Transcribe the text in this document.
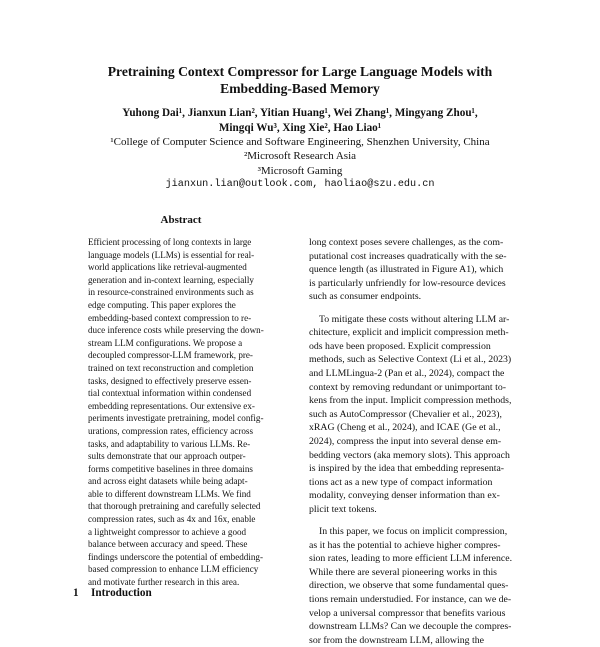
Pretraining Context Compressor for Large Language Models with
Embedding-Based Memory
Yuhong Dai¹, Jianxun Lian², Yitian Huang¹, Wei Zhang¹, Mingyang Zhou¹,
Mingqi Wu³, Xing Xie², Hao Liao¹
¹College of Computer Science and Software Engineering, Shenzhen University, China
²Microsoft Research Asia
³Microsoft Gaming
jianxun.lian@outlook.com, haoliao@szu.edu.cn
Abstract
Efficient processing of long contexts in large
language models (LLMs) is essential for real-
world applications like retrieval-augmented
generation and in-context learning, especially
in resource-constrained environments such as
edge computing. This paper explores the
embedding-based context compression to re-
duce inference costs while preserving the down-
stream LLM configurations. We propose a
decoupled compressor-LLM framework, pre-
trained on text reconstruction and completion
tasks, designed to effectively preserve essen-
tial contextual information within condensed
embedding representations. Our extensive ex-
periments investigate pretraining, model config-
urations, compression rates, efficiency across
tasks, and adaptability to various LLMs. Re-
sults demonstrate that our approach outper-
forms competitive baselines in three domains
and across eight datasets while being adapt-
able to different downstream LLMs. We find
that thorough pretraining and carefully selected
compression rates, such as 4x and 16x, enable
a lightweight compressor to achieve a good
balance between accuracy and speed. These
findings underscore the potential of embedding-
based compression to enhance LLM efficiency
and motivate further research in this area.
1 Introduction
long context poses severe challenges, as the com-
putational cost increases quadratically with the se-
quence length (as illustrated in Figure A1), which
is particularly unfriendly for low-resource devices
such as consumer endpoints.
To mitigate these costs without altering LLM ar-
chitecture, explicit and implicit compression meth-
ods have been proposed. Explicit compression
methods, such as Selective Context (Li et al., 2023)
and LLMLingua-2 (Pan et al., 2024), compact the
context by removing redundant or unimportant to-
kens from the input. Implicit compression methods,
such as AutoCompressor (Chevalier et al., 2023),
xRAG (Cheng et al., 2024), and ICAE (Ge et al.,
2024), compress the input into several dense em-
bedding vectors (aka memory slots). This approach
is inspired by the idea that embedding representa-
tions act as a new type of compact information
modality, conveying denser information than ex-
plicit text tokens.
In this paper, we focus on implicit compression,
as it has the potential to achieve higher compres-
sion rates, leading to more efficient LLM inference.
While there are several pioneering works in this
direction, we observe that some fundamental ques-
tions remain understudied. For instance, can we de-
velop a universal compressor that benefits various
downstream LLMs? Can we decouple the compres-
sor from the downstream LLM, allowing the
